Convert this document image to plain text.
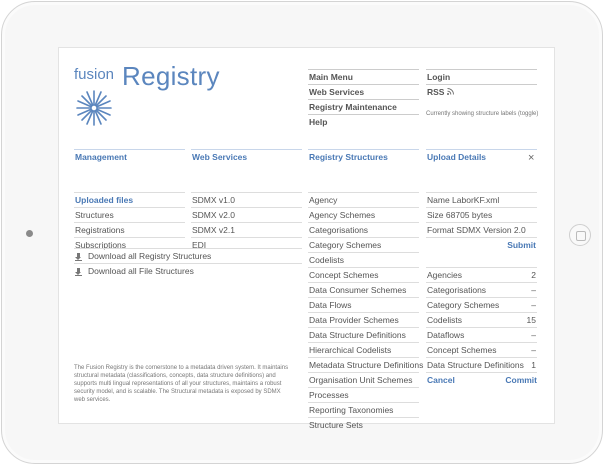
fusion Registry	Main Menu
Web Services
Registry Maintenance
Help
Login
RSS
Currently showing structure labels (toggle)
Management
Uploaded files
Structures
Registrations
Subscriptions
Download all Registry Structures
Download all File Structures
Web Services
SDMX v1.0
SDMX v2.0
SDMX v2.1
EDI
Registry Structures
Agency
Agency Schemes
Categorisations
Category Schemes
Codelists
Concept Schemes
Data Consumer Schemes
Data Flows
Data Provider Schemes
Data Structure Definitions
Hierarchical Codelists
Metadata Structure Definitions
Organisation Unit Schemes
Processes
Reporting Taxonomies
Structure Sets
Upload Details
Name LaborKF.xml
Size 68705 bytes
Format SDMX Version 2.0
Submit
Agencies	2
Categorisations	–
Category Schemes	–
Codelists	15
Dataflows	–
Concept Schemes	–
Data Structure Definitions 1
Cancel	Commit
×
The Fusion Registry is the cornerstone to a metadata driven system. It maintains structural metadata (classifications, concepts, data structure definitions) and supports multi lingual representations of all your structures, maintains a robust security model, and is scalable. The Structural metadata is exposed by SDMX web services.
